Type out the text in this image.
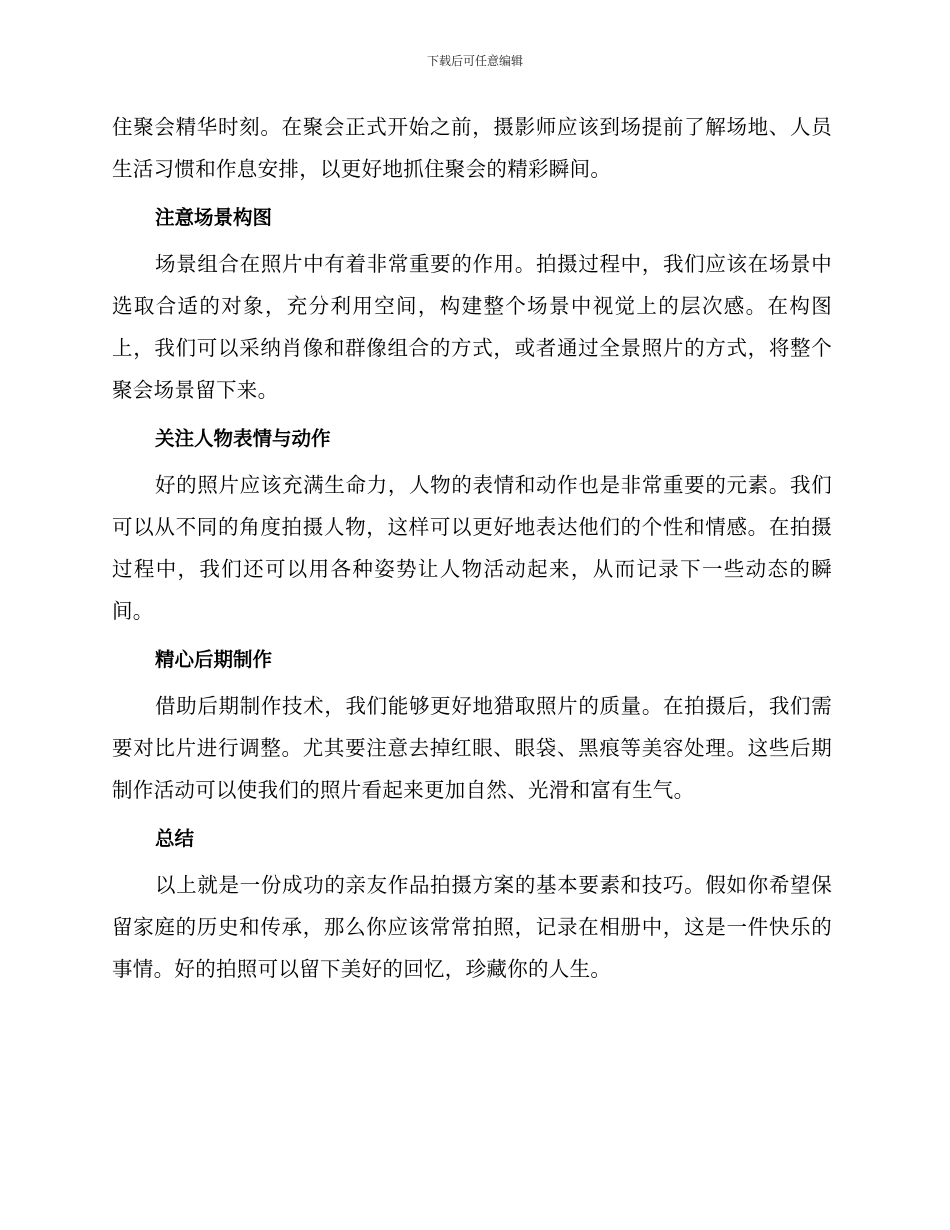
下载后可任意编辑

住聚会精华时刻。在聚会正式开始之前，摄影师应该到场提前了解场地、人员生活习惯和作息安排，以更好地抓住聚会的精彩瞬间。

注意场景构图

场景组合在照片中有着非常重要的作用。拍摄过程中，我们应该在场景中选取合适的对象，充分利用空间，构建整个场景中视觉上的层次感。在构图上，我们可以采纳肖像和群像组合的方式，或者通过全景照片的方式，将整个聚会场景留下来。

关注人物表情与动作

好的照片应该充满生命力，人物的表情和动作也是非常重要的元素。我们可以从不同的角度拍摄人物，这样可以更好地表达他们的个性和情感。在拍摄过程中，我们还可以用各种姿势让人物活动起来，从而记录下一些动态的瞬间。

精心后期制作

借助后期制作技术，我们能够更好地猎取照片的质量。在拍摄后，我们需要对比片进行调整。尤其要注意去掉红眼、眼袋、黑痕等美容处理。这些后期制作活动可以使我们的照片看起来更加自然、光滑和富有生气。

总结

以上就是一份成功的亲友作品拍摄方案的基本要素和技巧。假如你希望保留家庭的历史和传承，那么你应该常常拍照，记录在相册中，这是一件快乐的事情。好的拍照可以留下美好的回忆，珍藏你的人生。
